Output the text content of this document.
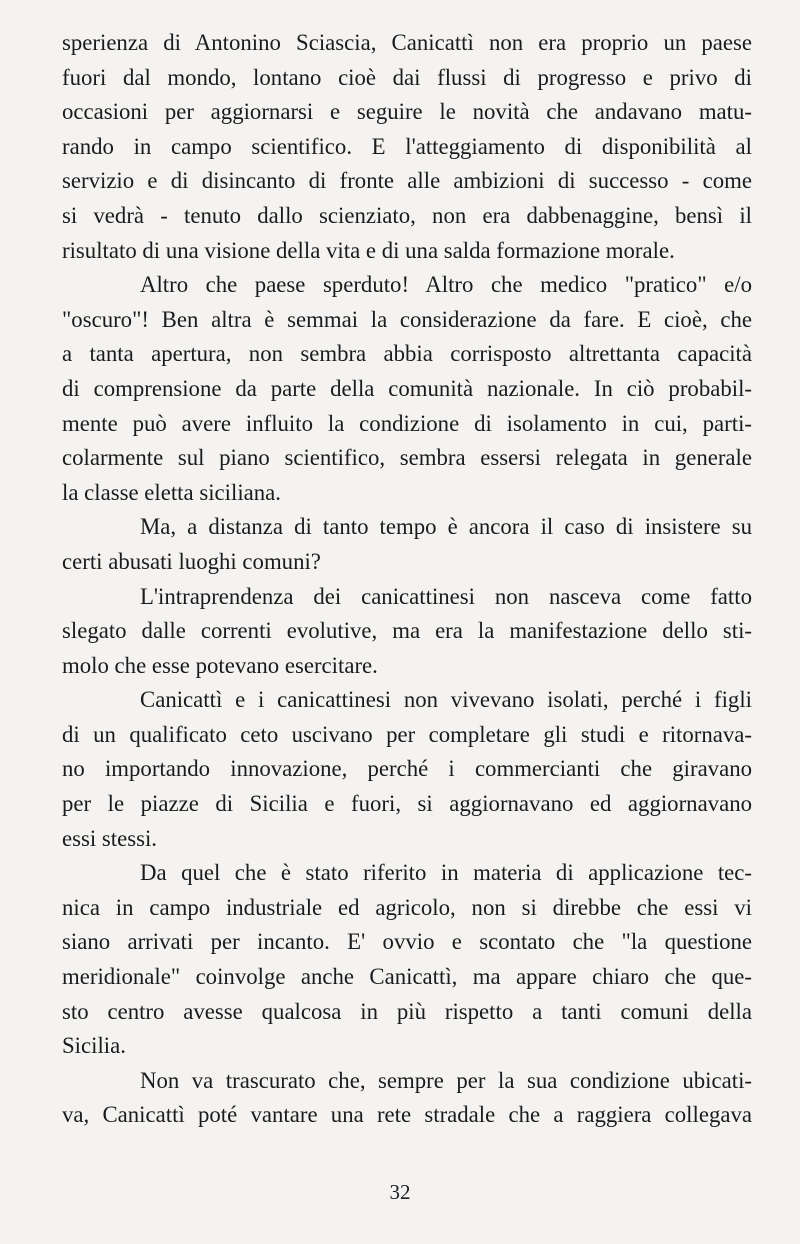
sperienza di Antonino Sciascia, Canicattì non era proprio un paese
fuori dal mondo, lontano cioè dai flussi di progresso e privo di
occasioni per aggiornarsi e seguire le novità che andavano matu-
rando in campo scientifico. E l'atteggiamento di disponibilità al
servizio e di disincanto di fronte alle ambizioni di successo - come
si vedrà - tenuto dallo scienziato, non era dabbenaggine, bensì il
risultato di una visione della vita e di una salda formazione morale.
Altro che paese sperduto! Altro che medico "pratico" e/o
"oscuro"! Ben altra è semmai la considerazione da fare. E cioè, che
a tanta apertura, non sembra abbia corrisposto altrettanta capacità
di comprensione da parte della comunità nazionale. In ciò probabil-
mente può avere influito la condizione di isolamento in cui, parti-
colarmente sul piano scientifico, sembra essersi relegata in generale
la classe eletta siciliana.
Ma, a distanza di tanto tempo è ancora il caso di insistere su
certi abusati luoghi comuni?
L'intraprendenza dei canicattinesi non nasceva come fatto
slegato dalle correnti evolutive, ma era la manifestazione dello sti-
molo che esse potevano esercitare.
Canicattì e i canicattinesi non vivevano isolati, perché i figli
di un qualificato ceto uscivano per completare gli studi e ritornava-
no importando innovazione, perché i commercianti che giravano
per le piazze di Sicilia e fuori, si aggiornavano ed aggiornavano
essi stessi.
Da quel che è stato riferito in materia di applicazione tec-
nica in campo industriale ed agricolo, non si direbbe che essi vi
siano arrivati per incanto. E' ovvio e scontato che "la questione
meridionale" coinvolge anche Canicattì, ma appare chiaro che que-
sto centro avesse qualcosa in più rispetto a tanti comuni della
Sicilia.
Non va trascurato che, sempre per la sua condizione ubicati-
va, Canicattì poté vantare una rete stradale che a raggiera collegava
32
